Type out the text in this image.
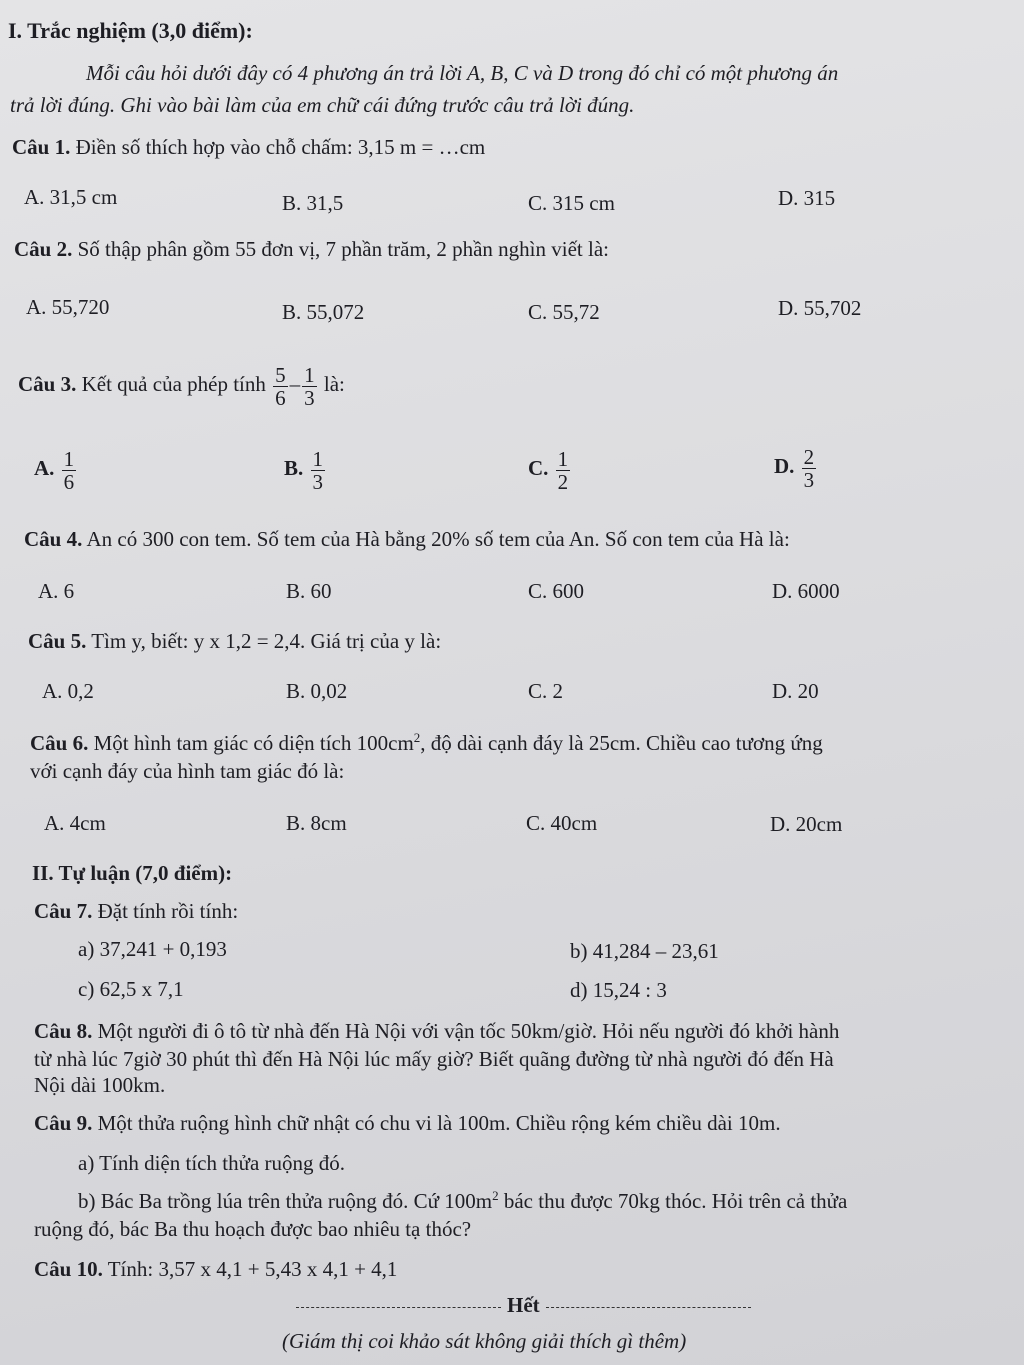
I. Trắc nghiệm (3,0 điểm):
Mỗi câu hỏi dưới đây có 4 phương án trả lời A, B, C và D trong đó chỉ có một phương án
trả lời đúng. Ghi vào bài làm của em chữ cái đứng trước câu trả lời đúng.
Câu 1. Điền số thích hợp vào chỗ chấm: 3,15 m = …cm
A. 31,5 cm	B. 31,5	C. 315 cm	D. 315
Câu 2. Số thập phân gồm 55 đơn vị, 7 phần trăm, 2 phần nghìn viết là:
A. 55,720	B. 55,072	C. 55,72	D. 55,702
Câu 3. Kết quả của phép tính $\frac{5}{6} - \frac{1}{3}$ là:
A. $\frac{1}{6}$	B. $\frac{1}{3}$	C. $\frac{1}{2}$	D. $\frac{2}{3}$
Câu 4. An có 300 con tem. Số tem của Hà bằng 20% số tem của An. Số con tem của Hà là:
A. 6	B. 60	C. 600	D. 6000
Câu 5. Tìm y, biết: y x 1,2 = 2,4. Giá trị của y là:
A. 0,2	B. 0,02	C. 2	D. 20
Câu 6. Một hình tam giác có diện tích $100cm^2$, độ dài cạnh đáy là 25cm. Chiều cao tương ứng
với cạnh đáy của hình tam giác đó là:
A. 4cm	B. 8cm	C. 40cm	D. 20cm
II. Tự luận (7,0 điểm):
Câu 7. Đặt tính rồi tính:
a) 37,241 + 0,193	b) 41,284 – 23,61
c) 62,5 x 7,1	d) 15,24 : 3
Câu 8. Một người đi ô tô từ nhà đến Hà Nội với vận tốc 50km/giờ. Hỏi nếu người đó khởi hành
từ nhà lúc 7giờ 30 phút thì đến Hà Nội lúc mấy giờ? Biết quãng đường từ nhà người đó đến Hà
Nội dài 100km.
Câu 9. Một thửa ruộng hình chữ nhật có chu vi là 100m. Chiều rộng kém chiều dài 10m.
a) Tính diện tích thửa ruộng đó.
b) Bác Ba trồng lúa trên thửa ruộng đó. Cứ $100m^2$ bác thu được 70kg thóc. Hỏi trên cả thửa
ruộng đó, bác Ba thu hoạch được bao nhiêu tạ thóc?
Câu 10. Tính: 3,57 x 4,1 + 5,43 x 4,1 + 4,1
Hết
(Giám thị coi khảo sát không giải thích gì thêm)
